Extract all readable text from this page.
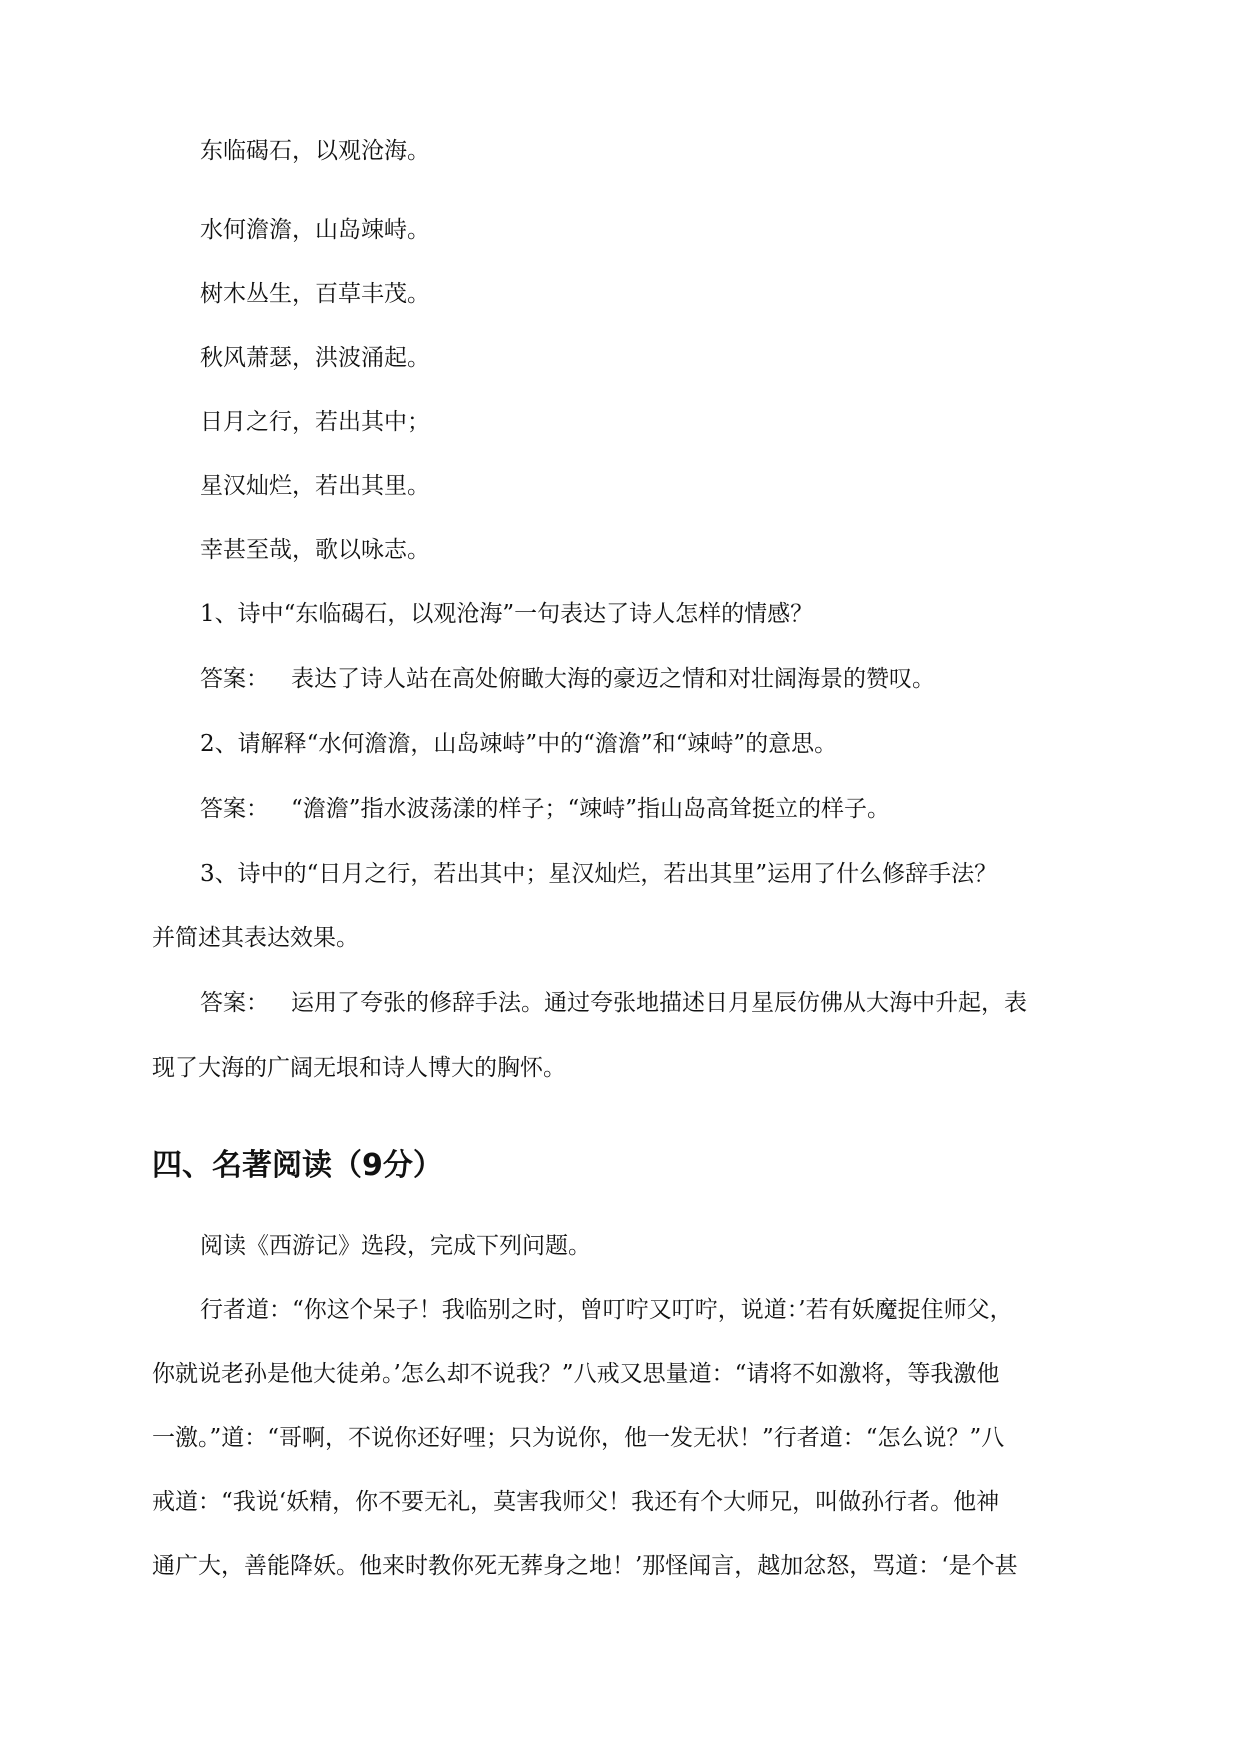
东临碣石，以观沧海。
水何澹澹，山岛竦峙。
树木丛生，百草丰茂。
秋风萧瑟，洪波涌起。
日月之行，若出其中；
星汉灿烂，若出其里。
幸甚至哉，歌以咏志。
1、诗中“东临碣石，以观沧海”一句表达了诗人怎样的情感？
答案： 表达了诗人站在高处俯瞰大海的豪迈之情和对壮阔海景的赞叹。
2、请解释“水何澹澹，山岛竦峙”中的“澹澹”和“竦峙”的意思。
答案： “澹澹”指水波荡漾的样子；“竦峙”指山岛高耸挺立的样子。
3、诗中的“日月之行，若出其中；星汉灿烂，若出其里”运用了什么修辞手法？
并简述其表达效果。
答案： 运用了夸张的修辞手法。通过夸张地描述日月星辰仿佛从大海中升起，表
现了大海的广阔无垠和诗人博大的胸怀。
四、名著阅读（9分）
阅读《西游记》选段，完成下列问题。
行者道：“你这个呆子！我临别之时，曾叮咛又叮咛，说道：’若有妖魔捉住师父，
你就说老孙是他大徒弟。’怎么却不说我？”八戒又思量道：“请将不如激将，等我激他
一激。”道：“哥啊，不说你还好哩；只为说你，他一发无状！”行者道：“怎么说？”八
戒道：“我说‘妖精，你不要无礼，莫害我师父！我还有个大师兄，叫做孙行者。他神
通广大，善能降妖。他来时教你死无葬身之地！’那怪闻言，越加忿怒，骂道：‘是个甚
